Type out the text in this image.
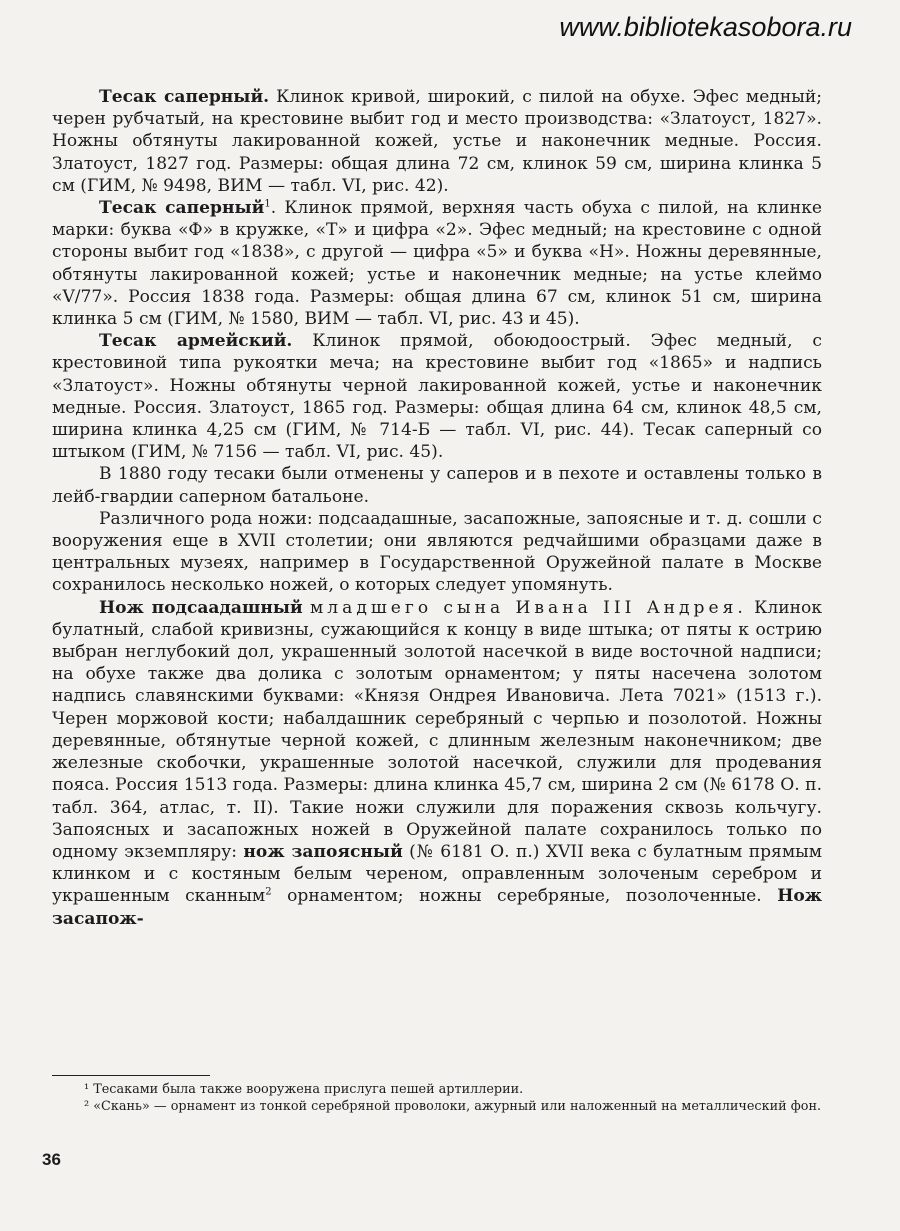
www.bibliotekasobora.ru

Тесак саперный. Клинок кривой, широкий, с пилой на обухе. Эфес медный; черен рубчатый, на крестовине выбит год и место производства: «Златоуст, 1827». Ножны обтянуты лакированной кожей, устье и наконечник медные. Россия. Златоуст, 1827 год. Размеры: общая длина 72 см, клинок 59 см, ширина клинка 5 см (ГИМ, № 9498, ВИМ — табл. VI, рис. 42).

Тесак саперный$^1$. Клинок прямой, верхняя часть обуха с пилой, на клинке марки: буква «Ф» в кружке, «Т» и цифра «2». Эфес медный; на крестовине с одной стороны выбит год «1838», с другой — цифра «5» и буква «Н». Ножны деревянные, обтянуты лакированной кожей; устье и наконечник медные; на устье клеймо «V/77». Россия 1838 года. Размеры: общая длина 67 см, клинок 51 см, ширина клинка 5 см (ГИМ, № 1580, ВИМ — табл. VI, рис. 43 и 45).

Тесак армейский. Клинок прямой, обоюдоострый. Эфес медный, с крестовиной типа рукоятки меча; на крестовине выбит год «1865» и надпись «Златоуст». Ножны обтянуты черной лакированной кожей, устье и наконечник медные. Россия. Златоуст, 1865 год. Размеры: общая длина 64 см, клинок 48,5 см, ширина клинка 4,25 см (ГИМ, № 714-Б — табл. VI, рис. 44). Тесак саперный со штыком (ГИМ, № 7156 — табл. VI, рис. 45).

В 1880 году тесаки были отменены у саперов и в пехоте и оставлены только в лейб-гвардии саперном батальоне.

Различного рода ножи: подсаадашные, засапожные, запоясные и т. д. сошли с вооружения еще в XVII столетии; они являются редчайшими образцами даже в центральных музеях, например в Государственной Оружейной палате в Москве сохранилось несколько ножей, о которых следует упомянуть.

Нож подсаадашный младшего сына Ивана III Андрея. Клинок булатный, слабой кривизны, сужающийся к концу в виде штыка; от пяты к острию выбран неглубокий дол, украшенный золотой насечкой в виде восточной надписи; на обухе также два долика с золотым орнаментом; у пяты насечена золотом надпись славянскими буквами: «Князя Ондрея Ивановича. Лета 7021» (1513 г.). Черен моржовой кости; набалдашник серебряный с черпью и позолотой. Ножны деревянные, обтянутые черной кожей, с длинным железным наконечником; две железные скобочки, украшенные золотой насечкой, служили для продевания пояса. Россия 1513 года. Размеры: длина клинка 45,7 см, ширина 2 см (№ 6178 О. п. табл. 364, атлас, т. II). Такие ножи служили для поражения сквозь кольчугу. Запоясных и засапожных ножей в Оружейной палате сохранилось только по одному экземпляру: нож запоясный (№ 6181 О. п.) XVII века с булатным прямым клинком и с костяным белым череном, оправленным золоченым серебром и украшенным сканным$^2$ орнаментом; ножны серебряные, позолоченные. Нож засапож-

¹ Тесаками была также вооружена прислуга пешей артиллерии.

² «Скань» — орнамент из тонкой серебряной проволоки, ажурный или наложенный на металлический фон.

36
